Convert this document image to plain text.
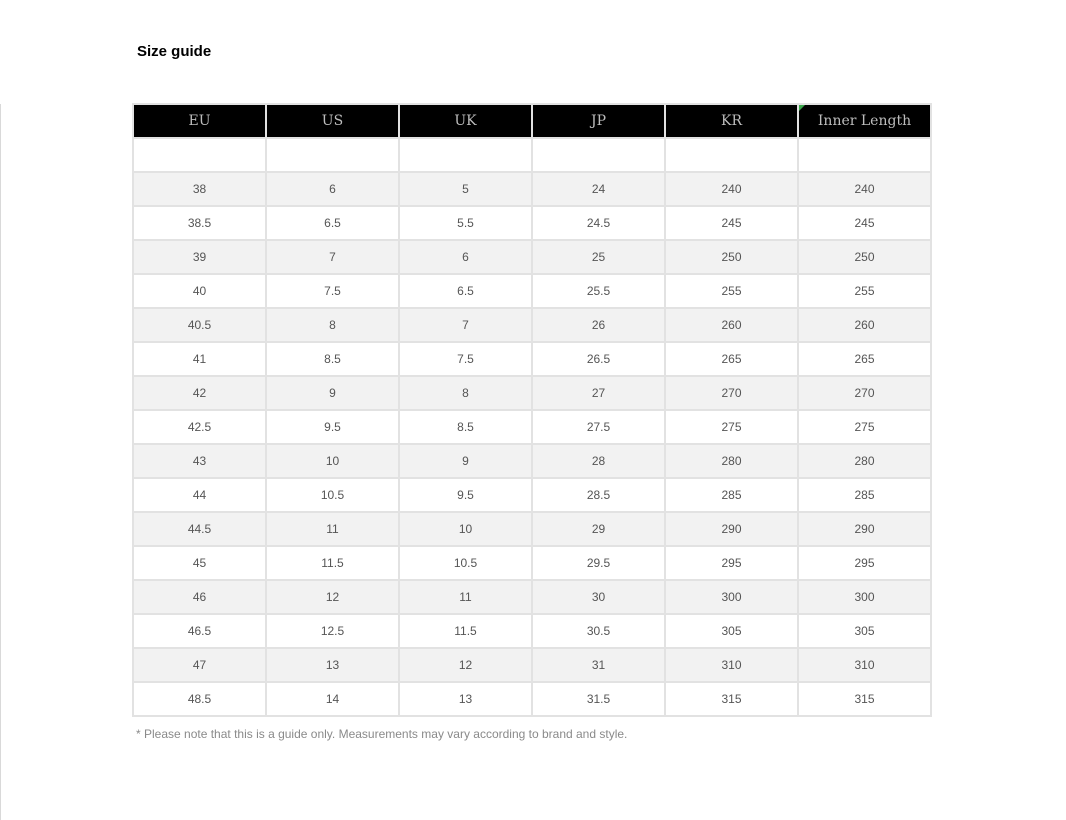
Size guide
EU	US	UK	JP	KR	Inner Length

38	6	5	24	240	240
38.5	6.5	5.5	24.5	245	245
39	7	6	25	250	250
40	7.5	6.5	25.5	255	255
40.5	8	7	26	260	260
41	8.5	7.5	26.5	265	265
42	9	8	27	270	270
42.5	9.5	8.5	27.5	275	275
43	10	9	28	280	280
44	10.5	9.5	28.5	285	285
44.5	11	10	29	290	290
45	11.5	10.5	29.5	295	295
46	12	11	30	300	300
46.5	12.5	11.5	30.5	305	305
47	13	12	31	310	310
48.5	14	13	31.5	315	315
* Please note that this is a guide only. Measurements may vary according to brand and style.
